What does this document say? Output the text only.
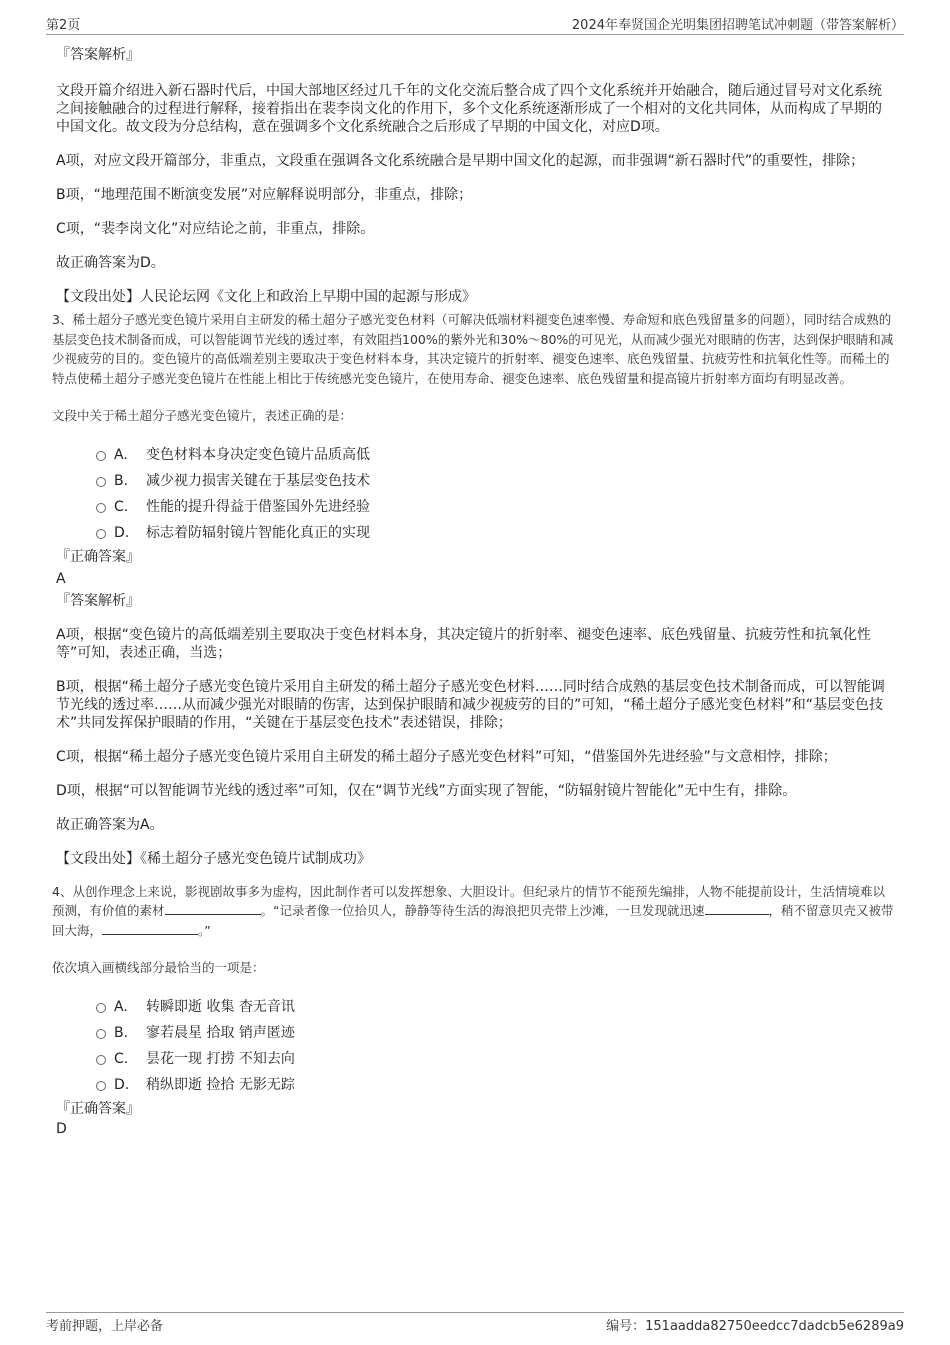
第2页	2024年奉贤国企光明集团招聘笔试冲刺题（带答案解析）

『答案解析』

文段开篇介绍进入新石器时代后，中国大部地区经过几千年的文化交流后整合成了四个文化系统并开始融合，随后通过冒号对文化系统之间接触融合的过程进行解释，接着指出在裴李岗文化的作用下，多个文化系统逐渐形成了一个相对的文化共同体，从而构成了早期的中国文化。故文段为分总结构，意在强调多个文化系统融合之后形成了早期的中国文化，对应D项。

A项，对应文段开篇部分，非重点，文段重在强调各文化系统融合是早期中国文化的起源，而非强调“新石器时代”的重要性，排除；

B项，“地理范围不断演变发展”对应解释说明部分，非重点，排除；

C项，“裴李岗文化”对应结论之前，非重点，排除。

故正确答案为D。

【文段出处】人民论坛网《文化上和政治上早期中国的起源与形成》

3、稀土超分子感光变色镜片采用自主研发的稀土超分子感光变色材料（可解决低端材料褪变色速率慢、寿命短和底色残留量多的问题），同时结合成熟的基层变色技术制备而成，可以智能调节光线的透过率，有效阻挡100%的紫外光和30%～80%的可见光，从而减少强光对眼睛的伤害，达到保护眼睛和减少视疲劳的目的。变色镜片的高低端差别主要取决于变色材料本身，其决定镜片的折射率、褪变色速率、底色残留量、抗疲劳性和抗氧化性等。而稀土的特点使稀土超分子感光变色镜片在性能上相比于传统感光变色镜片，在使用寿命、褪变色速率、底色残留量和提高镜片折射率方面均有明显改善。

文段中关于稀土超分子感光变色镜片，表述正确的是：

A. 变色材料本身决定变色镜片品质高低
B. 减少视力损害关键在于基层变色技术
C. 性能的提升得益于借鉴国外先进经验
D. 标志着防辐射镜片智能化真正的实现

『正确答案』

A

『答案解析』

A项，根据“变色镜片的高低端差别主要取决于变色材料本身，其决定镜片的折射率、褪变色速率、底色残留量、抗疲劳性和抗氧化性等”可知，表述正确，当选；

B项，根据“稀土超分子感光变色镜片采用自主研发的稀土超分子感光变色材料……同时结合成熟的基层变色技术制备而成，可以智能调节光线的透过率……从而减少强光对眼睛的伤害，达到保护眼睛和减少视疲劳的目的”可知，“稀土超分子感光变色材料”和“基层变色技术”共同发挥保护眼睛的作用，“关键在于基层变色技术”表述错误，排除；

C项，根据“稀土超分子感光变色镜片采用自主研发的稀土超分子感光变色材料”可知，“借鉴国外先进经验”与文意相悖，排除；

D项，根据“可以智能调节光线的透过率”可知，仅在“调节光线”方面实现了智能，“防辐射镜片智能化”无中生有，排除。

故正确答案为A。

【文段出处】《稀土超分子感光变色镜片试制成功》

4、从创作理念上来说，影视剧故事多为虚构，因此制作者可以发挥想象、大胆设计。但纪录片的情节不能预先编排，人物不能提前设计，生活情境难以预测，有价值的素材	。“记录者像一位拾贝人，静静等待生活的海浪把贝壳带上沙滩，一旦发现就迅速	，稍不留意贝壳又被带回大海，	。”

依次填入画横线部分最恰当的一项是：

A. 转瞬即逝 收集 杳无音讯
B. 寥若晨星 拾取 销声匿迹
C. 昙花一现 打捞 不知去向
D. 稍纵即逝 捡拾 无影无踪

『正确答案』

D

考前押题，上岸必备	编号：151aadda82750eedcc7dadcb5e6289a9
